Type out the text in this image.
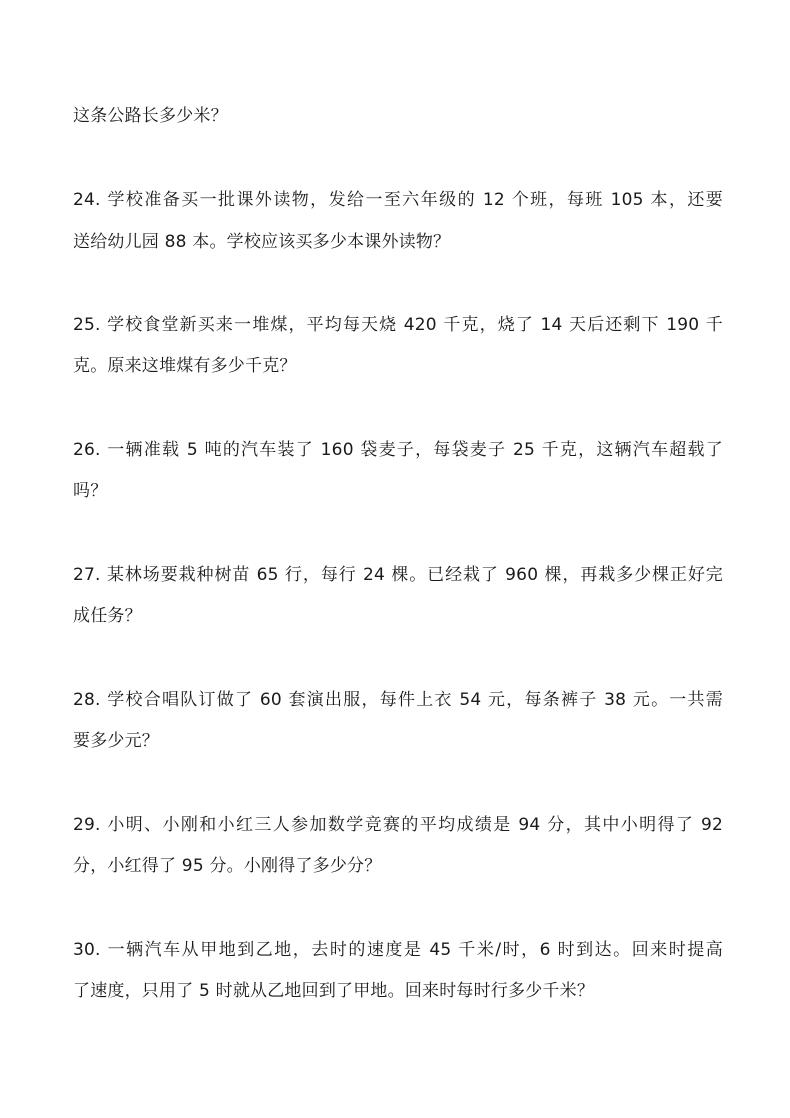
这条公路长多少米？
24. 学校准备买一批课外读物，发给一至六年级的 12 个班，每班 105 本，还要
送给幼儿园 88 本。学校应该买多少本课外读物？
25. 学校食堂新买来一堆煤，平均每天烧 420 千克，烧了 14 天后还剩下 190 千
克。原来这堆煤有多少千克？
26. 一辆准载 5 吨的汽车装了 160 袋麦子，每袋麦子 25 千克，这辆汽车超载了
吗？
27. 某林场要栽种树苗 65 行，每行 24 棵。已经栽了 960 棵，再栽多少棵正好完
成任务？
28. 学校合唱队订做了 60 套演出服，每件上衣 54 元，每条裤子 38 元。一共需
要多少元？
29. 小明、小刚和小红三人参加数学竞赛的平均成绩是 94 分，其中小明得了 92
分，小红得了 95 分。小刚得了多少分？
30. 一辆汽车从甲地到乙地，去时的速度是 45 千米/时，6 时到达。回来时提高
了速度，只用了 5 时就从乙地回到了甲地。回来时每时行多少千米？
